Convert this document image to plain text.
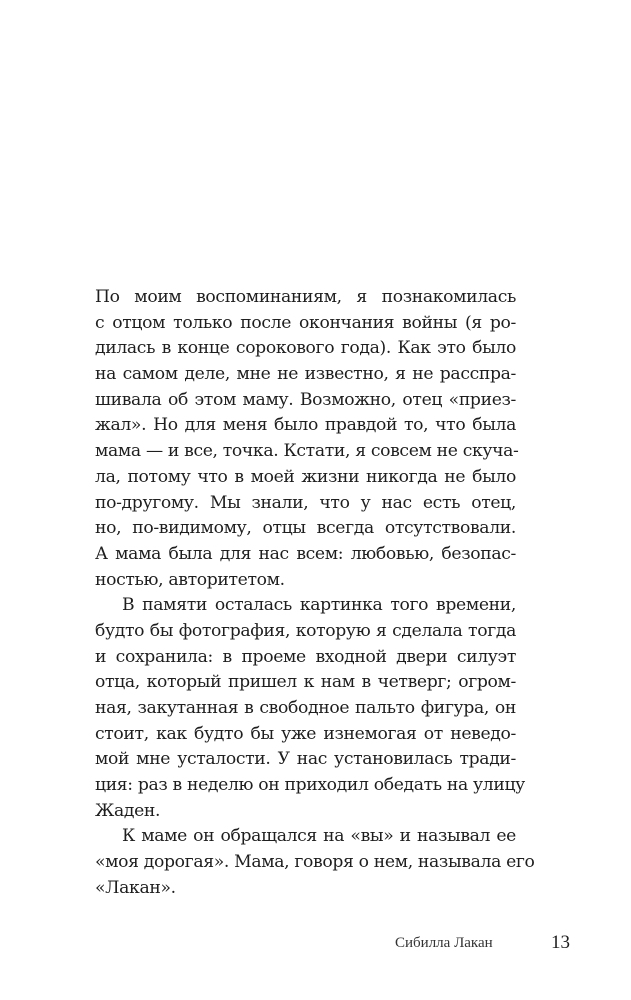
По моим воспоминаниям, я познакомилась
с отцом только после окончания войны (я ро-
дилась в конце сорокового года). Как это было
на самом деле, мне не известно, я не расспра-
шивала об этом маму. Возможно, отец «приез-
жал». Но для меня было правдой то, что была
мама — и все, точка. Кстати, я совсем не скуча-
ла, потому что в моей жизни никогда не было
по-другому. Мы знали, что у нас есть отец,
но, по-видимому, отцы всегда отсутствовали.
А мама была для нас всем: любовью, безопас-
ностью, авторитетом.
В памяти осталась картинка того времени,
будто бы фотография, которую я сделала тогда
и сохранила: в проеме входной двери силуэт
отца, который пришел к нам в четверг; огром-
ная, закутанная в свободное пальто фигура, он
стоит, как будто бы уже изнемогая от неведо-
мой мне усталости. У нас установилась тради-
ция: раз в неделю он приходил обедать на улицу
Жаден.
К маме он обращался на «вы» и называл ее
«моя дорогая». Мама, говоря о нем, называла его
«Лакан».
Сибилла Лакан	13
